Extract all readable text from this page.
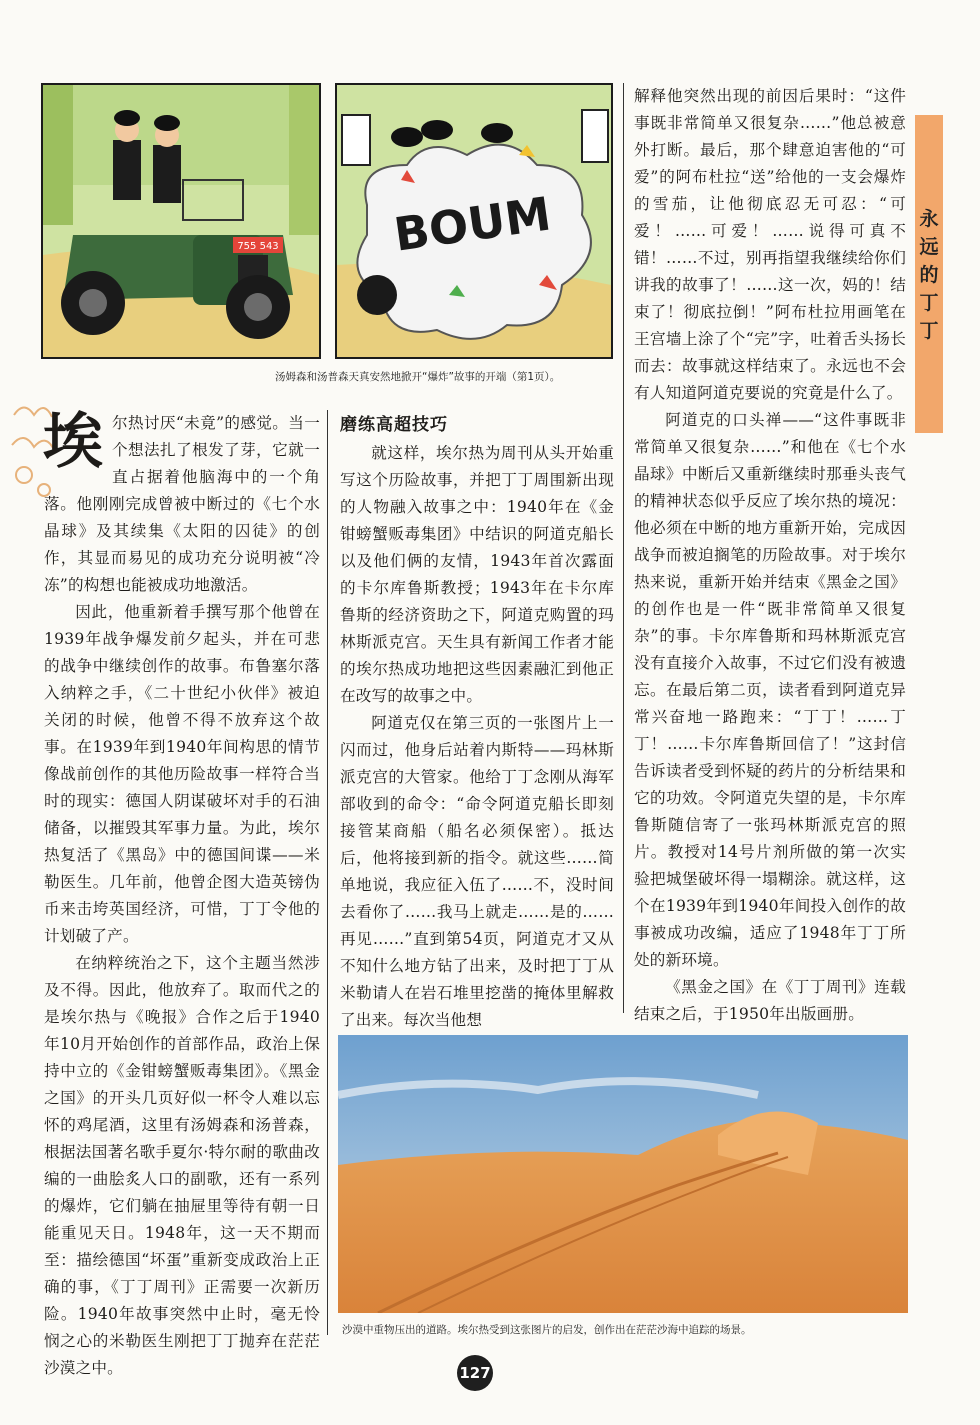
755 543 BOUM
汤姆森和汤普森天真安然地掀开“爆炸”故事的开端（第1页）。

埃尔热讨厌“未竟”的感觉。当一个想法扎了根发了芽，它就一直占据着他脑海中的一个角落。他刚刚完成曾被中断过的《七个水晶球》及其续集《太阳的囚徒》的创作，其显而易见的成功充分说明被“冷冻”的构想也能被成功地激活。

因此，他重新着手撰写那个他曾在1939年战争爆发前夕起头，并在可悲的战争中继续创作的故事。布鲁塞尔落入纳粹之手，《二十世纪小伙伴》被迫关闭的时候，他曾不得不放弃这个故事。在1939年到1940年间构思的情节像战前创作的其他历险故事一样符合当时的现实：德国人阴谋破坏对手的石油储备，以摧毁其军事力量。为此，埃尔热复活了《黑岛》中的德国间谍——米勒医生。几年前，他曾企图大造英镑伪币来击垮英国经济，可惜，丁丁令他的计划破了产。

在纳粹统治之下，这个主题当然涉及不得。因此，他放弃了。取而代之的是埃尔热与《晚报》合作之后于1940年10月开始创作的首部作品，政治上保持中立的《金钳螃蟹贩毒集团》。《黑金之国》的开头几页好似一杯令人难以忘怀的鸡尾酒，这里有汤姆森和汤普森，根据法国著名歌手夏尔·特尔耐的歌曲改编的一曲脍炙人口的副歌，还有一系列的爆炸，它们躺在抽屉里等待有朝一日能重见天日。1948年，这一天不期而至：描绘德国“坏蛋”重新变成政治上正确的事，《丁丁周刊》正需要一次新历险。1940年故事突然中止时，毫无怜悯之心的米勒医生刚把丁丁抛弃在茫茫沙漠之中。

磨练高超技巧

就这样，埃尔热为周刊从头开始重写这个历险故事，并把丁丁周围新出现的人物融入故事之中：1940年在《金钳螃蟹贩毒集团》中结识的阿道克船长以及他们俩的友情，1943年首次露面的卡尔库鲁斯教授；1943年在卡尔库鲁斯的经济资助之下，阿道克购置的玛林斯派克宫。天生具有新闻工作者才能的埃尔热成功地把这些因素融汇到他正在改写的故事之中。

阿道克仅在第三页的一张图片上一闪而过，他身后站着内斯特——玛林斯派克宫的大管家。他给丁丁念刚从海军部收到的命令：“命令阿道克船长即刻接管某商船（船名必须保密）。抵达后，他将接到新的指令。就这些……简单地说，我应征入伍了……不，没时间去看你了……我马上就走……是的……再见……”直到第54页，阿道克才又从不知什么地方钻了出来，及时把丁丁从米勒请人在岩石堆里挖凿的掩体里解救了出来。每次当他想

解释他突然出现的前因后果时：“这件事既非常简单又很复杂……”他总被意外打断。最后，那个肆意迫害他的“可爱”的阿布杜拉“送”给他的一支会爆炸的雪茄，让他彻底忍无可忍：“可爱！……可爱！……说得可真不错！……不过，别再指望我继续给你们讲我的故事了！……这一次，妈的！结束了！彻底拉倒！”阿布杜拉用画笔在王宫墙上涂了个“完”字，吐着舌头扬长而去：故事就这样结束了。永远也不会有人知道阿道克要说的究竟是什么了。

阿道克的口头禅——“这件事既非常简单又很复杂……”和他在《七个水晶球》中断后又重新继续时那垂头丧气的精神状态似乎反应了埃尔热的境况：他必须在中断的地方重新开始，完成因战争而被迫搁笔的历险故事。对于埃尔热来说，重新开始并结束《黑金之国》的创作也是一件“既非常简单又很复杂”的事。卡尔库鲁斯和玛林斯派克宫没有直接介入故事，不过它们没有被遗忘。在最后第二页，读者看到阿道克异常兴奋地一路跑来：“丁丁！……丁丁！……卡尔库鲁斯回信了！”这封信告诉读者受到怀疑的药片的分析结果和它的功效。令阿道克失望的是，卡尔库鲁斯随信寄了一张玛林斯派克宫的照片。教授对14号片剂所做的第一次实验把城堡破坏得一塌糊涂。就这样，这个在1939年到1940年间投入创作的故事被成功改编，适应了1948年丁丁所处的新环境。

《黑金之国》在《丁丁周刊》连载结束之后，于1950年出版画册。

永
远
的
丁
丁
沙漠中重物压出的道路。埃尔热受到这张图片的启发，创作出在茫茫沙海中追踪的场景。
127
